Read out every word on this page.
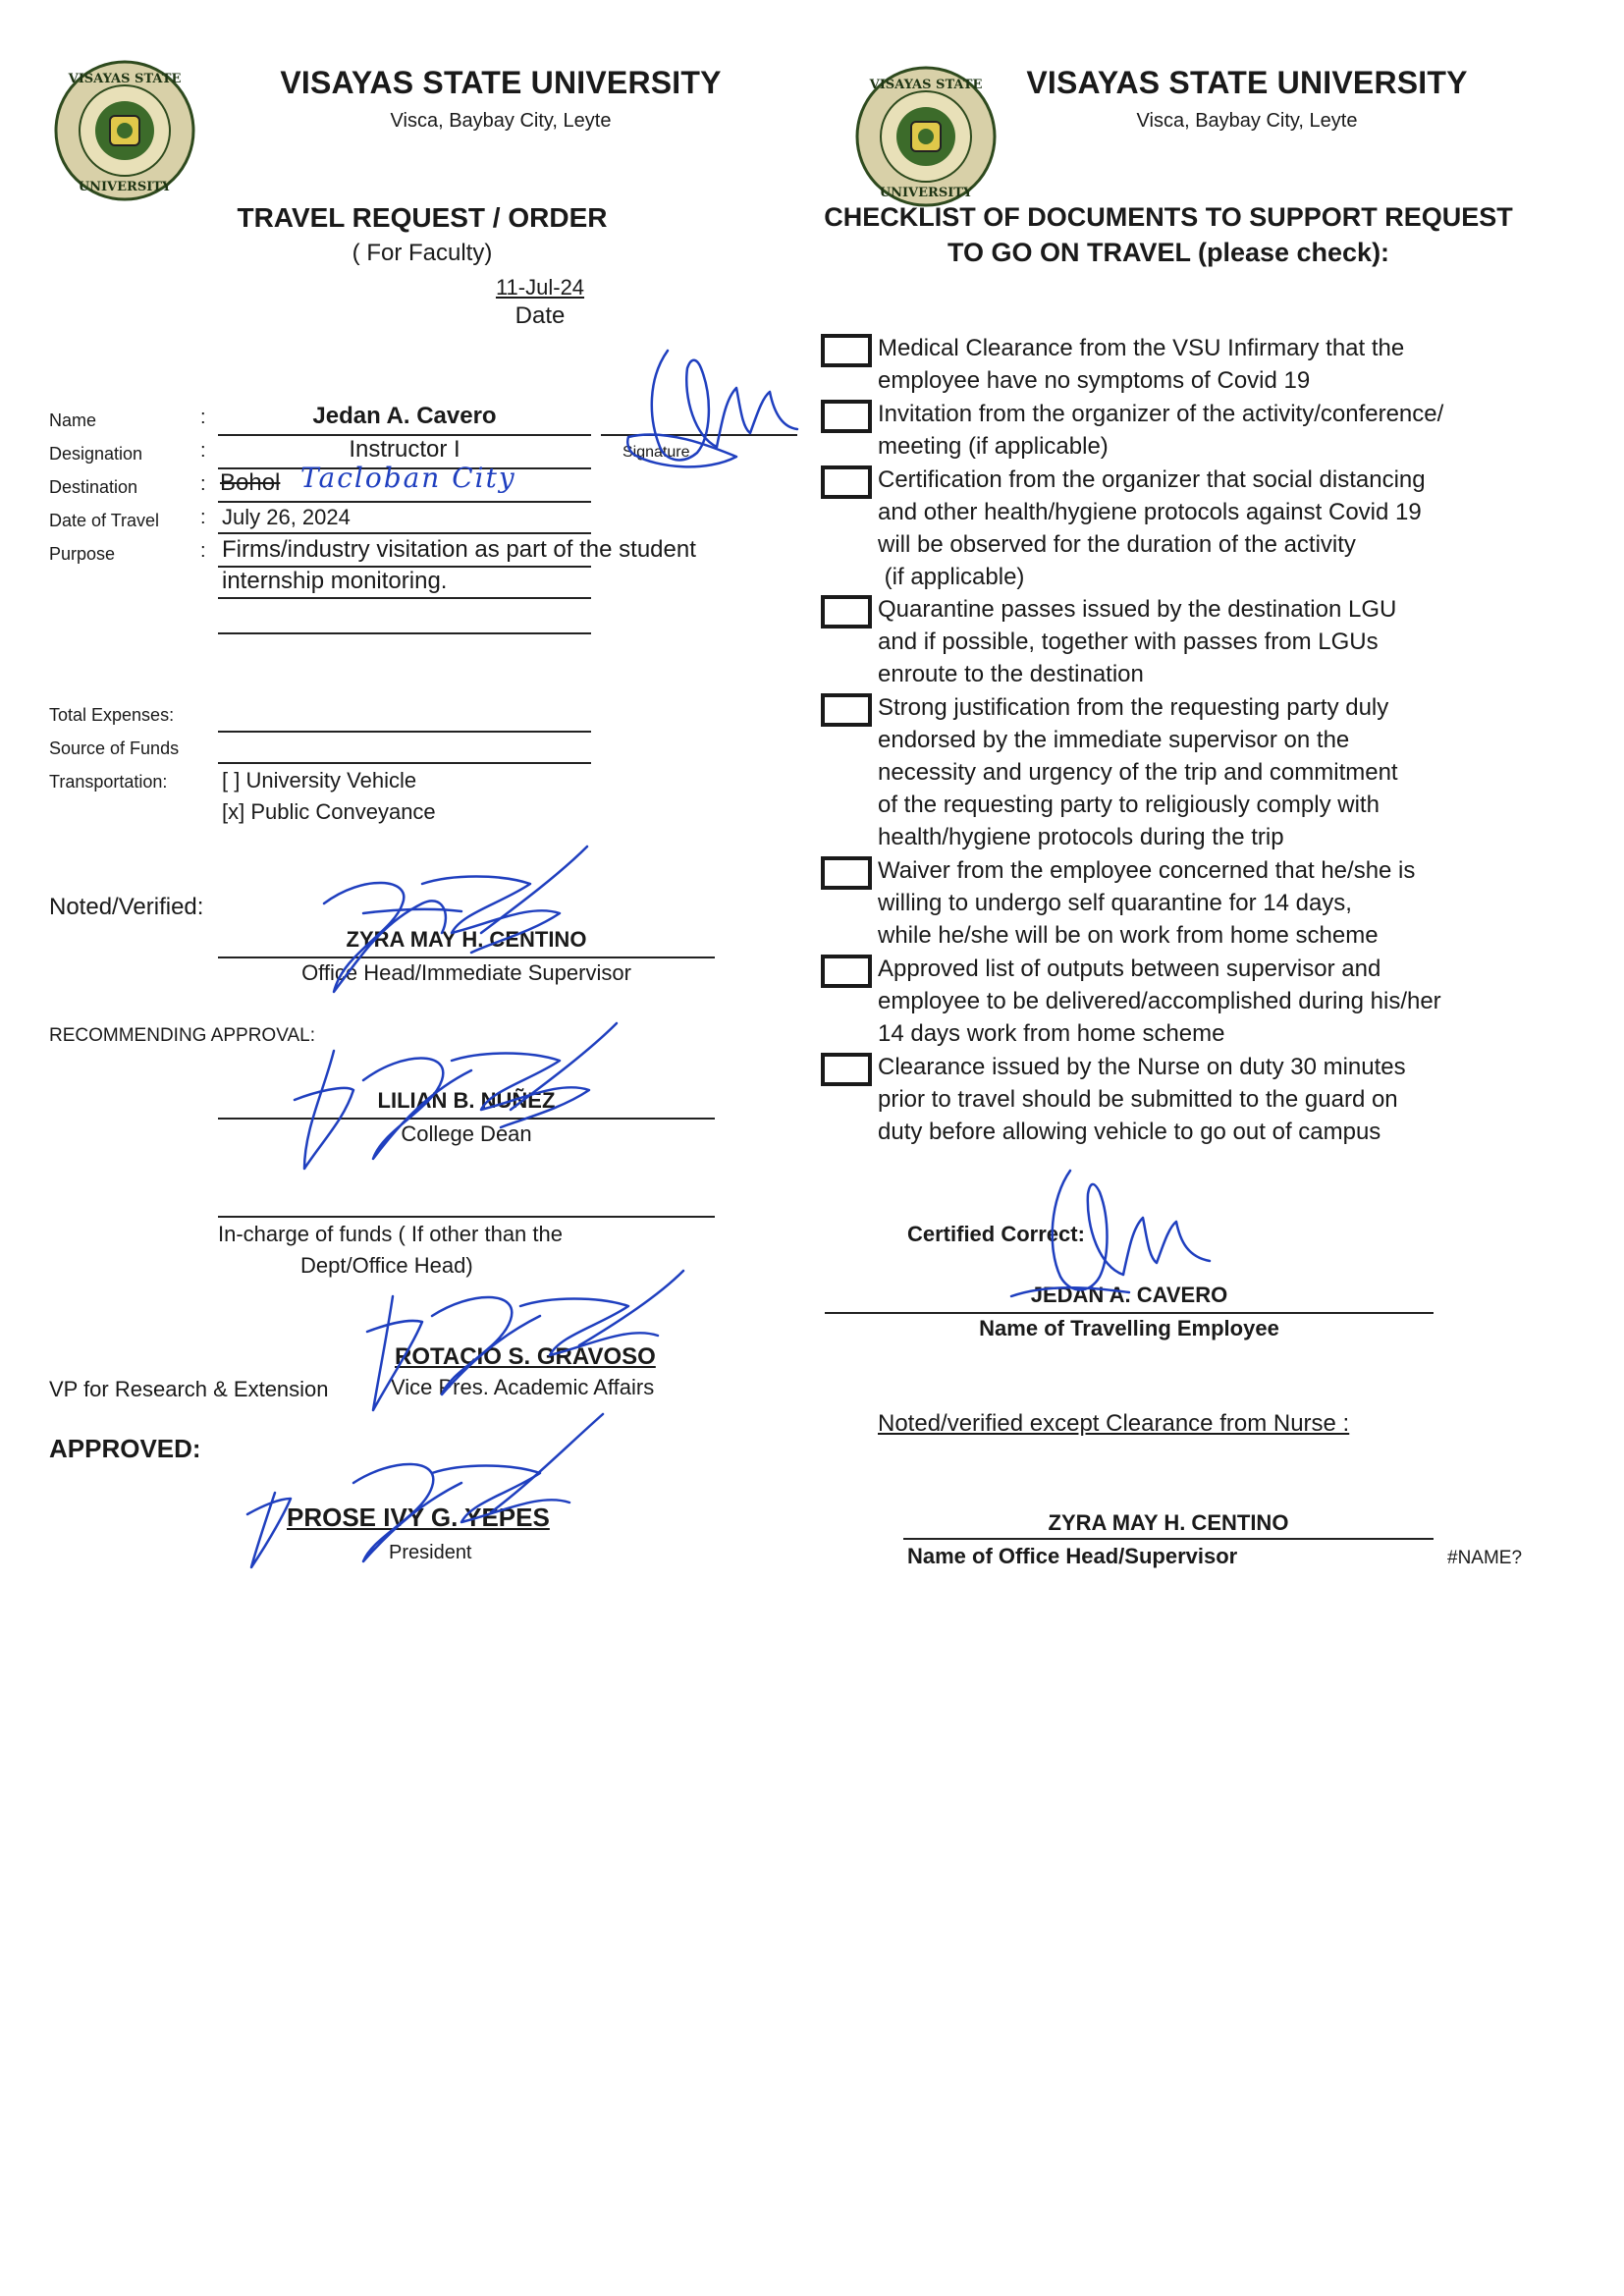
VISAYAS STATE
UNIVERSITY
VISAYAS STATE UNIVERSITY
Visca, Baybay City, Leyte
TRAVEL REQUEST / ORDER
( For Faculty)
11-Jul-24
Date
Name	:	Jedan A. Cavero
Signature
Designation	:	Instructor I
Destination	: Bohol Tacloban City
Date of Travel : July 26, 2024
Purpose	: Firms/industry visitation as part of the student
internship monitoring.
Total Expenses:
Source of Funds
Transportation:	[ ] University Vehicle
[x] Public Conveyance
Noted/Verified:
ZYRA MAY H. CENTINO
Office Head/Immediate Supervisor
RECOMMENDING APPROVAL:
LILIAN B. NUÑEZ
College Dean
In-charge of funds ( If other than the
Dept/Office Head)
VP for Research & Extension
ROTACIO S. GRAVOSO
Vice Pres. Academic Affairs
APPROVED:
PROSE IVY G. YEPES
President
VISAYAS STATE
UNIVERSITY
VISAYAS STATE UNIVERSITY
Visca, Baybay City, Leyte
CHECKLIST OF DOCUMENTS TO SUPPORT REQUEST
TO GO ON TRAVEL (please check):
Medical Clearance from the VSU Infirmary that the
employee have no symptoms of Covid 19
Invitation from the organizer of the activity/conference/
meeting (if applicable)
Certification from the organizer that social distancing
and other health/hygiene protocols against Covid 19
will be observed for the duration of the activity
(if applicable)
Quarantine passes issued by the destination LGU
and if possible, together with passes from LGUs
enroute to the destination
Strong justification from the requesting party duly
endorsed by the immediate supervisor on the
necessity and urgency of the trip and commitment
of the requesting party to religiously comply with
health/hygiene protocols during the trip
Waiver from the employee concerned that he/she is
willing to undergo self quarantine for 14 days,
while he/she will be on work from home scheme
Approved list of outputs between supervisor and
employee to be delivered/accomplished during his/her
14 days work from home scheme
Clearance issued by the Nurse on duty 30 minutes
prior to travel should be submitted to the guard on
duty before allowing vehicle to go out of campus
Certified Correct:
JEDAN A. CAVERO
Name of Travelling Employee
Noted/verified except Clearance from Nurse :
ZYRA MAY H. CENTINO
Name of Office Head/Supervisor	#NAME?
